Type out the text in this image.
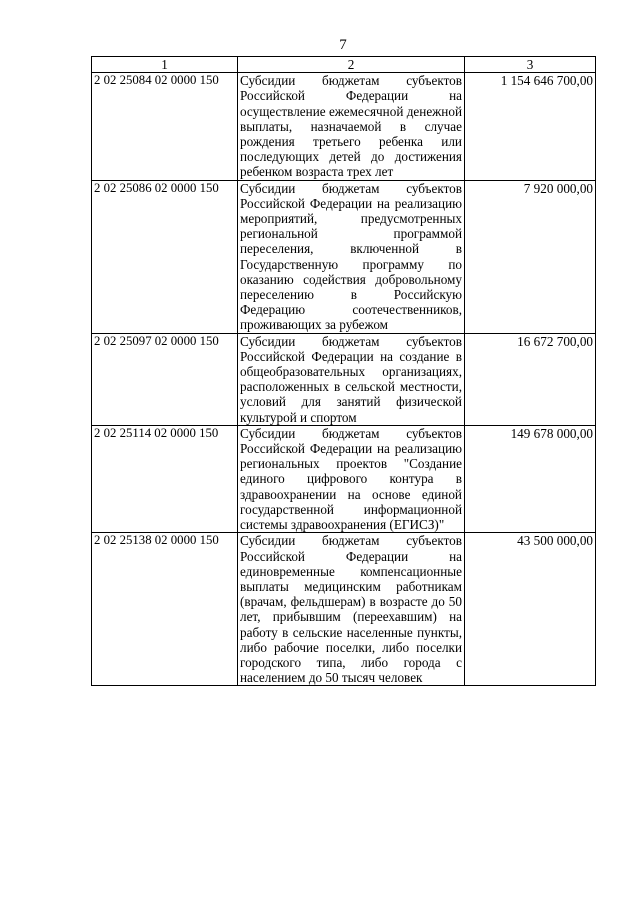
7
1	2	3
2 02 25084 02 0000 150	Субсидии бюджетам субъектов Российской Федерации на осуществление ежемесячной денежной выплаты, назначаемой в случае рождения третьего ребенка или последующих детей до достижения ребенком возраста трех лет	1 154 646 700,00
2 02 25086 02 0000 150	Субсидии бюджетам субъектов Российской Федерации на реализацию мероприятий, предусмотренных региональной программой переселения, включенной в Государственную программу по оказанию содействия добровольному переселению в Российскую Федерацию соотечественников, проживающих за рубежом	7 920 000,00
2 02 25097 02 0000 150	Субсидии бюджетам субъектов Российской Федерации на создание в общеобразовательных организациях, расположенных в сельской местности, условий для занятий физической культурой и спортом	16 672 700,00
2 02 25114 02 0000 150	Субсидии бюджетам субъектов Российской Федерации на реализацию региональных проектов "Создание единого цифрового контура в здравоохранении на основе единой государственной информационной системы здравоохранения (ЕГИСЗ)"	149 678 000,00
2 02 25138 02 0000 150	Субсидии бюджетам субъектов Российской Федерации на единовременные компенсационные выплаты медицинским работникам (врачам, фельдшерам) в возрасте до 50 лет, прибывшим (переехавшим) на работу в сельские населенные пункты, либо рабочие поселки, либо поселки городского типа, либо города с населением до 50 тысяч человек	43 500 000,00
